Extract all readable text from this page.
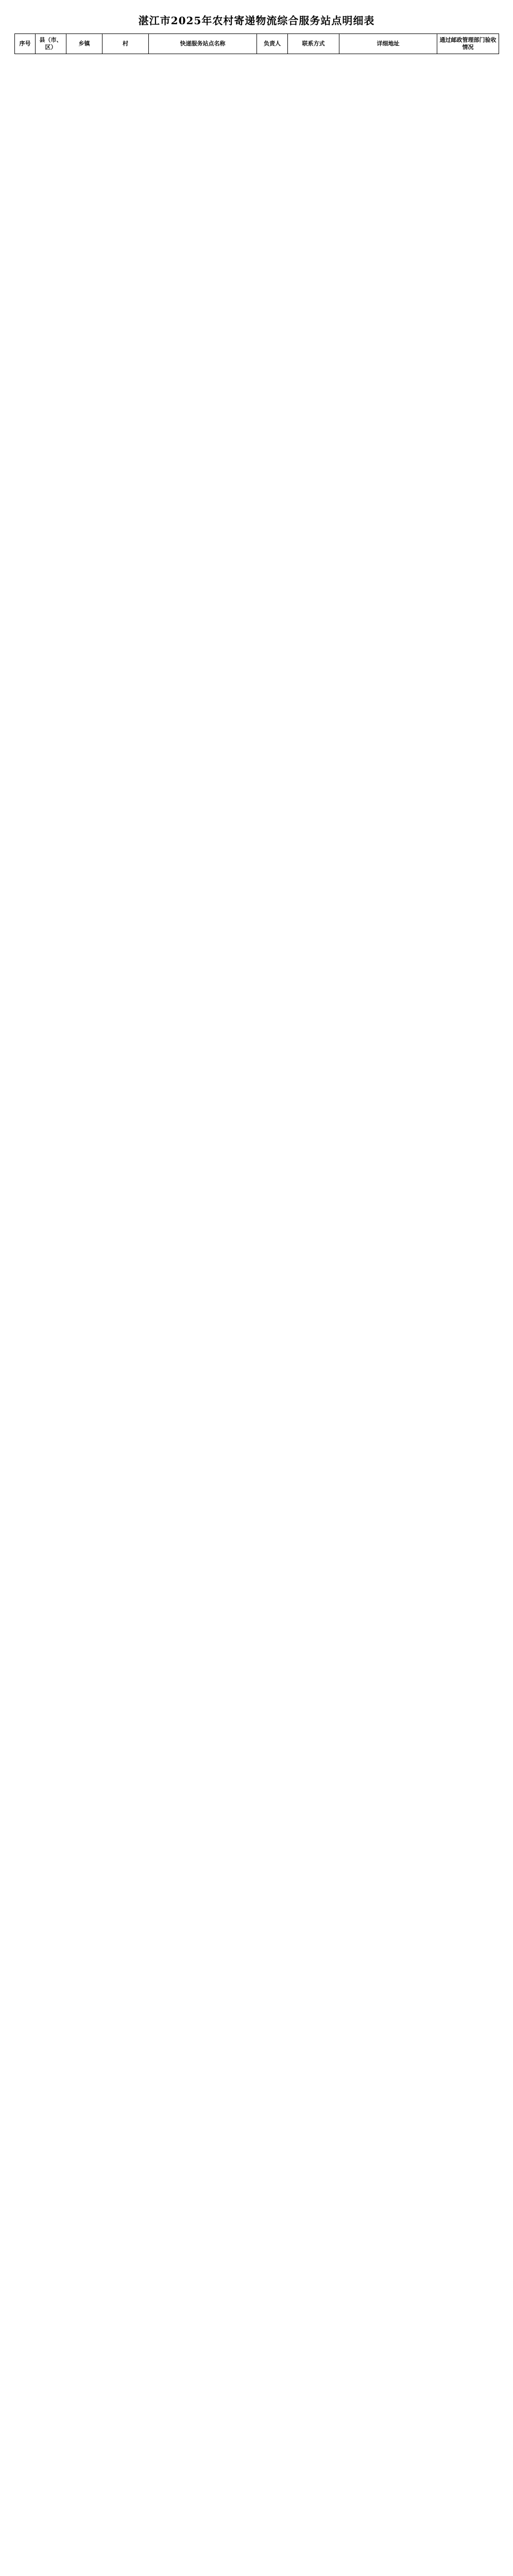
湛江市2025年农村寄递物流综合服务站点明细表
序号	县（市、区）	乡镇	村	快递服务站点名称	负责人	联系方式	详细地址	通过邮政管理部门验收情况
